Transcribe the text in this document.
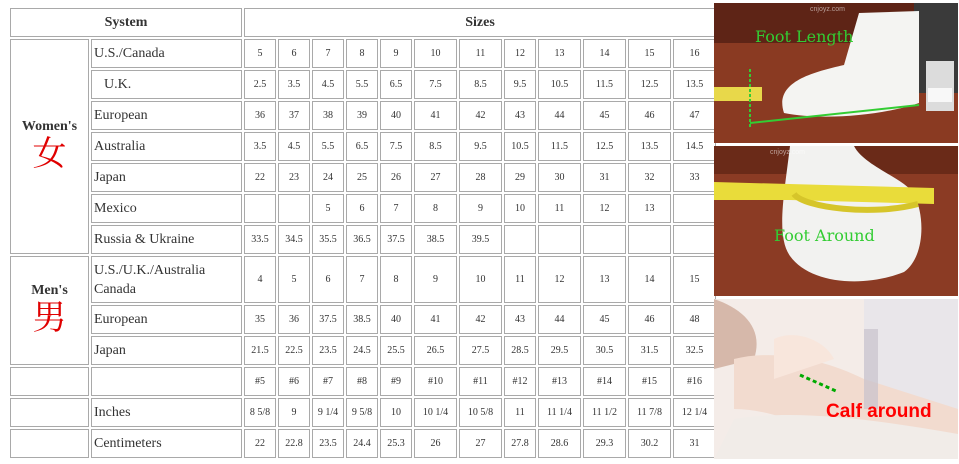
System		Sizes											
Women's
女	U.S./Canada	5	6	7	8	9	10	11	12	13	14	15	16
	U.K.	2.5	3.5	4.5	5.5	6.5	7.5	8.5	9.5	10.5	11.5	12.5	13.5
	European	36	37	38	39	40	41	42	43	44	45	46	47
	Australia	3.5	4.5	5.5	6.5	7.5	8.5	9.5	10.5	11.5	12.5	13.5	14.5
	Japan	22	23	24	25	26	27	28	29	30	31	32	33
	Mexico			5	6	7	8	9	10	11	12	13	
	Russia & Ukraine	33.5	34.5	35.5	36.5	37.5	38.5	39.5					
Men's
男	U.S./U.K./Australia Canada	4	5	6	7	8	9	10	11	12	13	14	15
	European	35	36	37.5	38.5	40	41	42	43	44	45	46	48
	Japan	21.5	22.5	23.5	24.5	25.5	26.5	27.5	28.5	29.5	30.5	31.5	32.5
		#5	#6	#7	#8	#9	#10	#11	#12	#13	#14	#15	#16
	Inches	8 5/8	9	9 1/4	9 5/8	10	10 1/4	10 5/8	11	11 1/4	11 1/2	11 7/8	12 1/4
	Centimeters	22	22.8	23.5	24.4	25.3	26	27	27.8	28.6	29.3	30.2	31
Foot Length
cnjoyz.com
Foot Around
cnjoyz.com
Calf around
